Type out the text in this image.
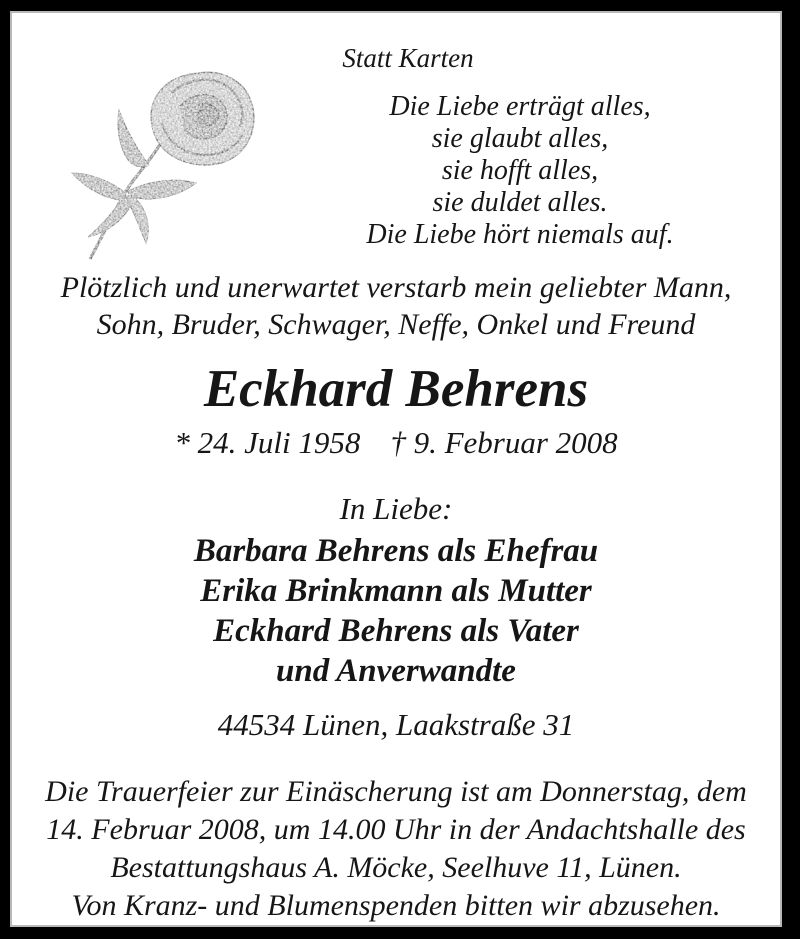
Statt Karten
Die Liebe erträgt alles,
sie glaubt alles,
sie hofft alles,
sie duldet alles.
Die Liebe hört niemals auf.
Plötzlich und unerwartet verstarb mein geliebter Mann,
Sohn, Bruder, Schwager, Neffe, Onkel und Freund
Eckhard Behrens
* 24. Juli 1958 † 9. Februar 2008
In Liebe:
Barbara Behrens als Ehefrau
Erika Brinkmann als Mutter
Eckhard Behrens als Vater
und Anverwandte
44534 Lünen, Laakstraße 31
Die Trauerfeier zur Einäscherung ist am Donnerstag, dem
14. Februar 2008, um 14.00 Uhr in der Andachtshalle des
Bestattungshaus A. Möcke, Seelhuve 11, Lünen.
Von Kranz- und Blumenspenden bitten wir abzusehen.
